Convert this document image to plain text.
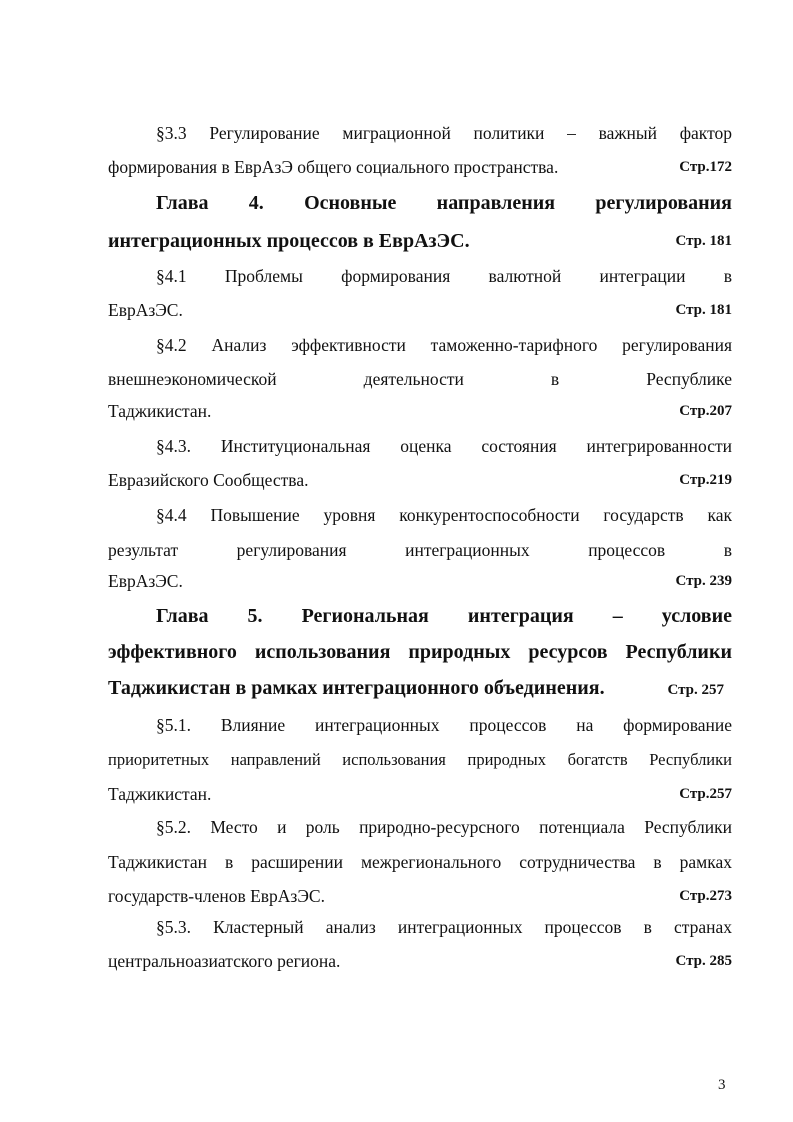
§3.3 Регулирование миграционной политики – важный фактор
формирования в ЕврАзЭ общего социального пространства.	Стр.172
Глава 4. Основные направления регулирования
интеграционных процессов в ЕврАзЭС.	Стр. 181
§4.1 Проблемы формирования валютной интеграции в
ЕврАзЭС.	Стр. 181
§4.2 Анализ эффективности таможенно-тарифного регулирования
внешнеэкономической деятельности в Республике
Таджикистан.	Стр.207
§4.3. Институциональная оценка состояния интегрированности
Евразийского Сообщества.	Стр.219
§4.4 Повышение уровня конкурентоспособности государств как
результат регулирования интеграционных процессов в
ЕврАзЭС.	Стр. 239
Глава 5. Региональная интеграция – условие
эффективного использования природных ресурсов Республики
Таджикистан в рамках интеграционного объединения.	Стр. 257
§5.1. Влияние интеграционных процессов на формирование
приоритетных направлений использования природных богатств Республики
Таджикистан.	Стр.257
§5.2. Место и роль природно-ресурсного потенциала Республики
Таджикистан в расширении межрегионального сотрудничества в рамках
государств-членов ЕврАзЭС.	Стр.273
§5.3. Кластерный анализ интеграционных процессов в странах
центральноазиатского региона.	Стр. 285
3
